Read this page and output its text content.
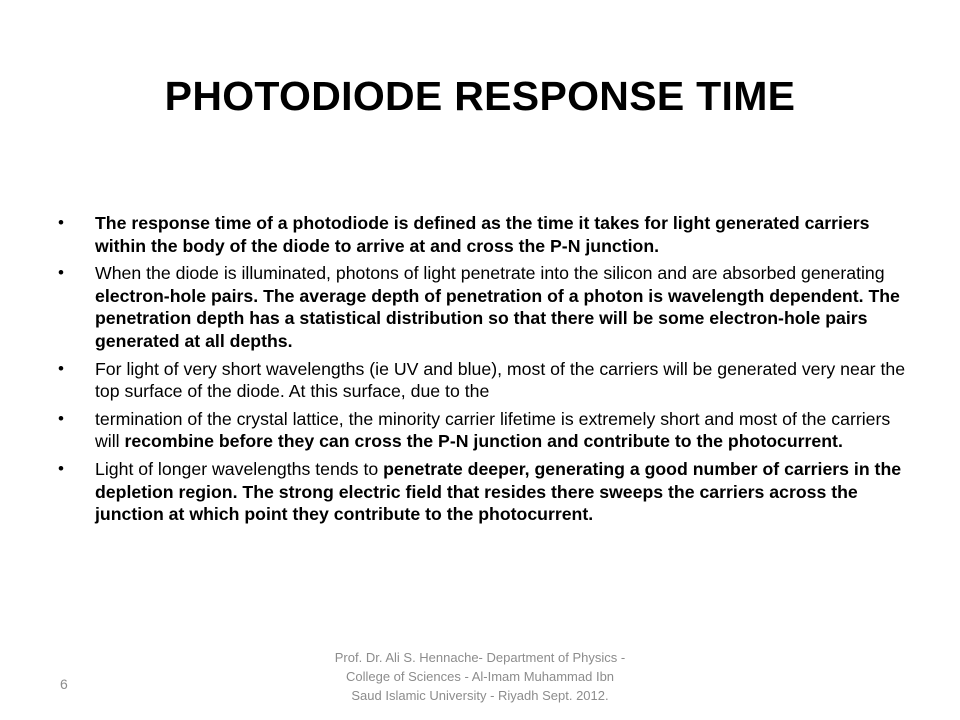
PHOTODIODE RESPONSE TIME
• The response time of a photodiode is defined as the time it takes for light generated carriers within the body of the diode to arrive at and cross the P-N junction.
• When the diode is illuminated, photons of light penetrate into the silicon and are absorbed generating electron-hole pairs. The average depth of penetration of a photon is wavelength dependent. The penetration depth has a statistical distribution so that there will be some electron-hole pairs generated at all depths.
• For light of very short wavelengths (ie UV and blue), most of the carriers will be generated very near the top surface of the diode. At this surface, due to the
• termination of the crystal lattice, the minority carrier lifetime is extremely short and most of the carriers will recombine before they can cross the P-N junction and contribute to the photocurrent.
• Light of longer wavelengths tends to penetrate deeper, generating a good number of carriers in the depletion region. The strong electric field that resides there sweeps the carriers across the junction at which point they contribute to the photocurrent.
Prof. Dr. Ali S. Hennache- Department of Physics - College of Sciences - Al-Imam Muhammad Ibn Saud Islamic University - Riyadh Sept. 2012.
6
